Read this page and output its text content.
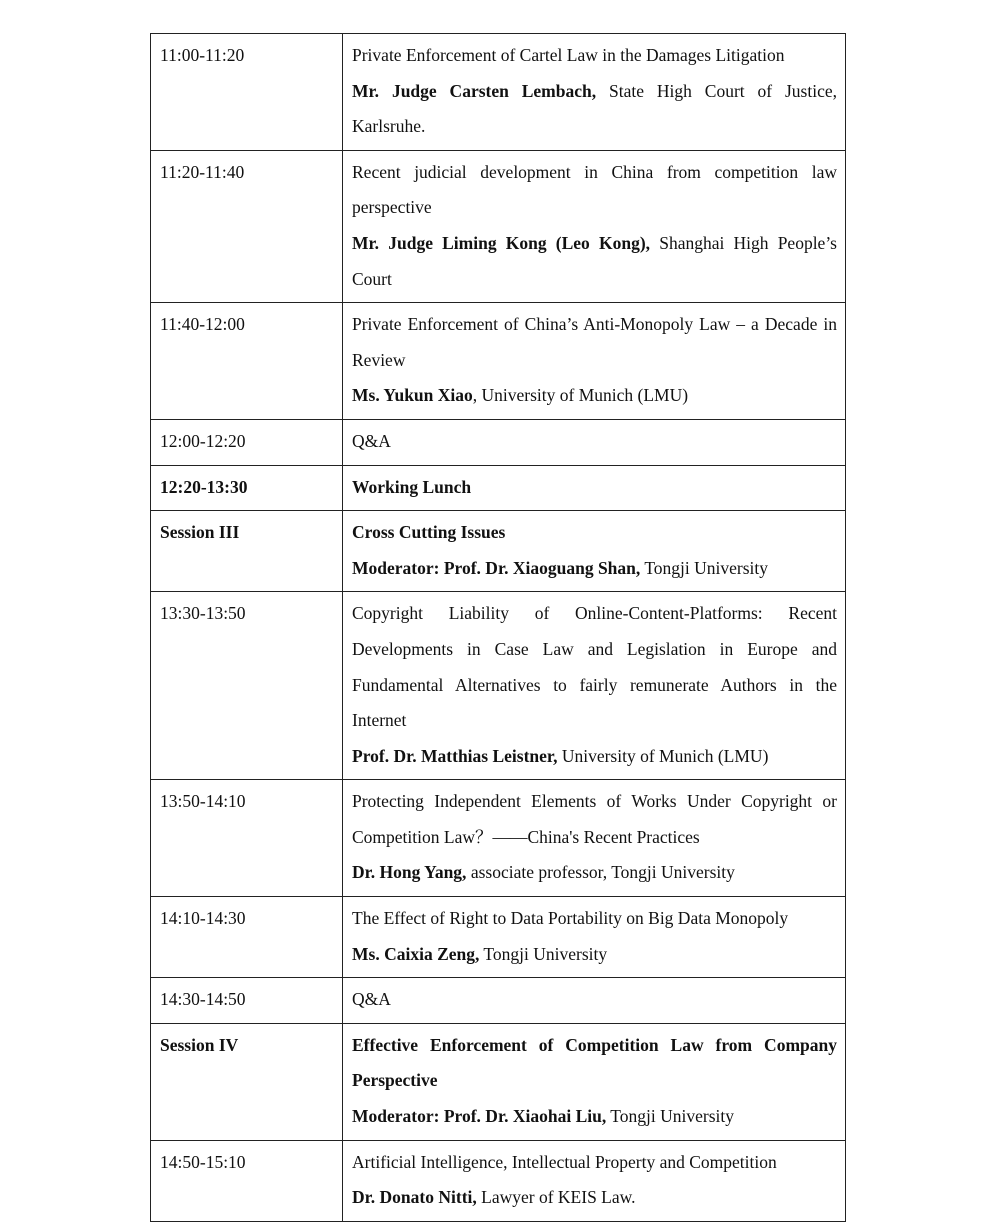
11:00-11:20	Private Enforcement of Cartel Law in the Damages Litigation
Mr. Judge Carsten Lembach, State High Court of Justice, Karlsruhe.

11:20-11:40	Recent judicial development in China from competition law perspective
Mr. Judge Liming Kong (Leo Kong), Shanghai High People’s Court

11:40-12:00	Private Enforcement of China’s Anti-Monopoly Law – a Decade in Review
Ms. Yukun Xiao, University of Munich (LMU)

12:00-12:20	Q&A

12:20-13:30	Working Lunch

Session III	Cross Cutting Issues
Moderator: Prof. Dr. Xiaoguang Shan, Tongji University

13:30-13:50	Copyright Liability of Online-Content-Platforms: Recent Developments in Case Law and Legislation in Europe and Fundamental Alternatives to fairly remunerate Authors in the Internet
Prof. Dr. Matthias Leistner, University of Munich (LMU)

13:50-14:10	Protecting Independent Elements of Works Under Copyright or Competition Law？——China's Recent Practices
Dr. Hong Yang, associate professor, Tongji University

14:10-14:30	The Effect of Right to Data Portability on Big Data Monopoly
Ms. Caixia Zeng, Tongji University

14:30-14:50	Q&A

Session IV	Effective Enforcement of Competition Law from Company Perspective
Moderator: Prof. Dr. Xiaohai Liu, Tongji University

14:50-15:10	Artificial Intelligence, Intellectual Property and Competition
Dr. Donato Nitti, Lawyer of KEIS Law.
